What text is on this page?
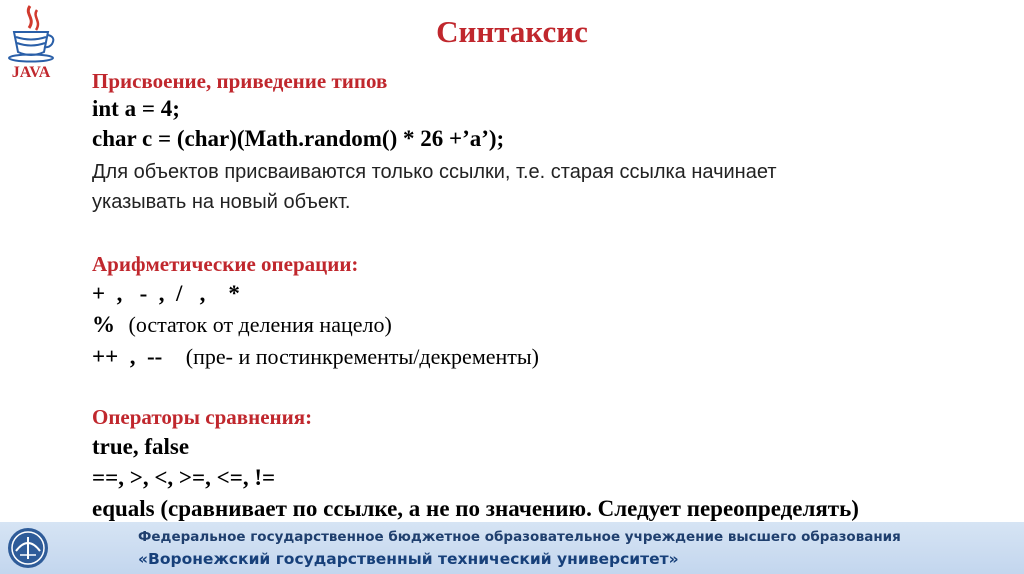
JAVA
Синтаксис
Присвоение, приведение типов
int a = 4;
char c = (char)(Math.random() * 26 +’a’);
Для объектов присваиваются только ссылки, т.е. старая ссылка начинает
указывать на новый объект.
Арифметические операции:
+  ,   -  ,  /   ,    *
% (остаток от деления нацело)
++  ,  -- (пре- и постинкременты/декременты)
Операторы сравнения:
true, false
==, >, <, >=, <=, !=
equals (сравнивает по ссылке, а не по значению. Следует переопределять)
Федеральное государственное бюджетное образовательное учреждение высшего образования
«Воронежский государственный технический университет»
